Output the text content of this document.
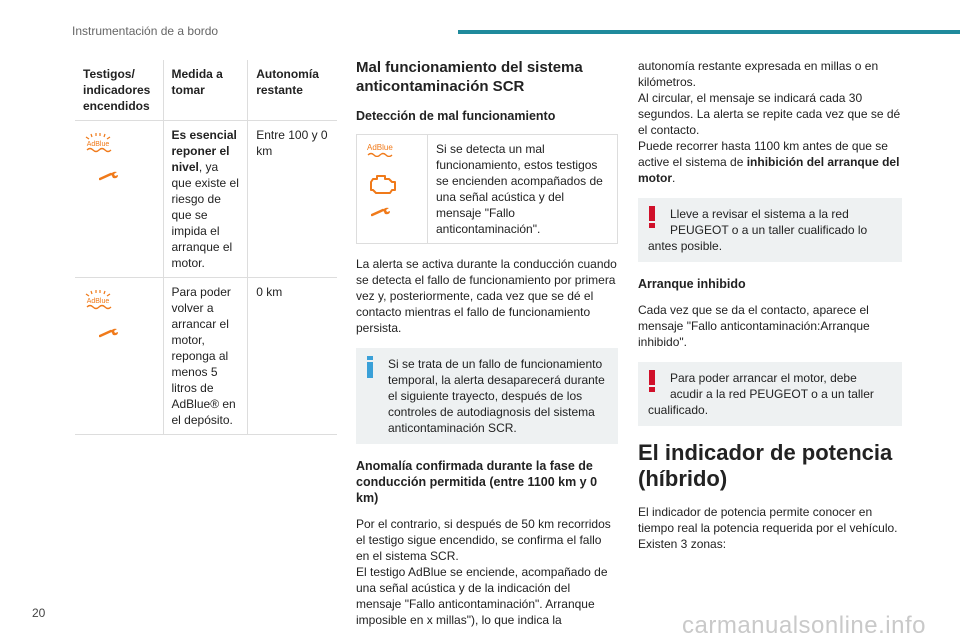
Instrumentación de a bordo
Testigos/ indicadores encendidos	Medida a tomar	Autonomía restante

AdBlue	Es esencial reponer el nivel, ya que existe el riesgo de que se impida el arranque el motor.	Entre 100 y 0 km

AdBlue	Para poder volver a arrancar el motor, reponga al menos 5 litros de AdBlue® en el depósito.	0 km
Mal funcionamiento del sistema anticontaminación SCR
Detección de mal funcionamiento
AdBlue	Si se detecta un mal funcionamiento, estos testigos se encienden acompañados de una señal acústica y del mensaje "Fallo anticontaminación".

La alerta se activa durante la conducción cuando se detecta el fallo de funcionamiento por primera vez y, posteriormente, cada vez que se dé el contacto mientras el fallo de funcionamiento persista.

Si se trata de un fallo de funcionamiento
temporal, la alerta desaparecerá durante el siguiente trayecto, después de los controles de autodiagnosis del sistema anticontaminación SCR.
Anomalía confirmada durante la fase de conducción permitida (entre 1100 km y 0 km)

Por el contrario, si después de 50 km recorridos el testigo sigue encendido, se confirma el fallo en el sistema SCR.

El testigo AdBlue se enciende, acompañado de una señal acústica y de la indicación del mensaje "Fallo anticontaminación". Arranque imposible en x millas"), lo que indica la

autonomía restante expresada en millas o en kilómetros.

Al circular, el mensaje se indicará cada 30 segundos. La alerta se repite cada vez que se dé el contacto.

Puede recorrer hasta 1100 km antes de que se active el sistema de inhibición del arranque del motor.

Lleve a revisar el sistema a la red
PEUGEOT o a un taller cualificado lo antes posible.
Arranque inhibido

Cada vez que se da el contacto, aparece el mensaje "Fallo anticontaminación:Arranque inhibido".

Para poder arrancar el motor, debe
acudir a la red PEUGEOT o a un taller cualificado.
El indicador de potencia (híbrido)

El indicador de potencia permite conocer en tiempo real la potencia requerida por el vehículo. Existen 3 zonas:

20	carmanualsonline.info
